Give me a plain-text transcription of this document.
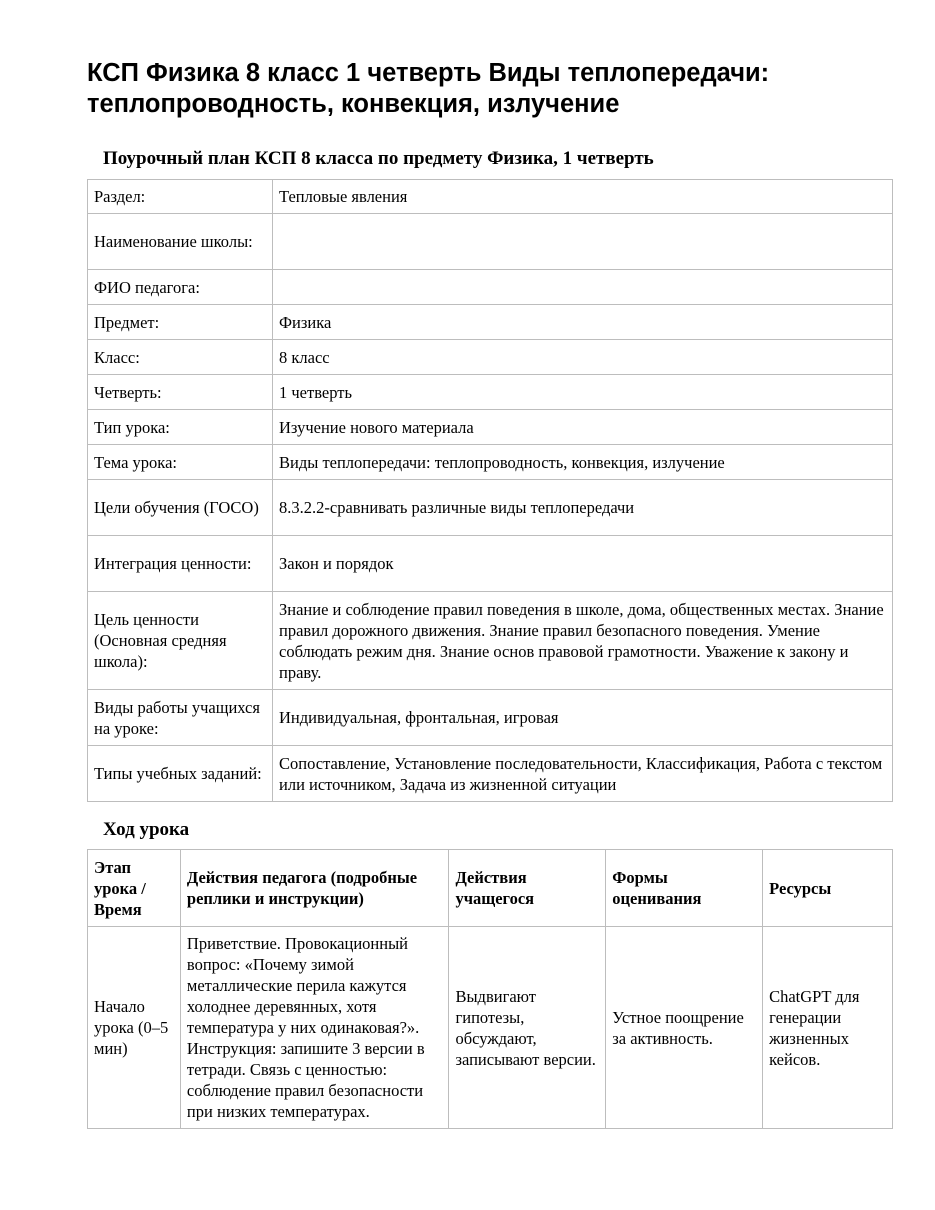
КСП Физика 8 класс 1 четверть Виды теплопередачи: теплопроводность, конвекция, излучение
Поурочный план КСП 8 класса по предмету Физика, 1 четверть
Раздел:	Тепловые явления
Наименование школы:	
ФИО педагога:	
Предмет:	Физика
Класс:	8 класс
Четверть:	1 четверть
Тип урока:	Изучение нового материала
Тема урока:	Виды теплопередачи: теплопроводность, конвекция, излучение
Цели обучения (ГОСО)	8.3.2.2-сравнивать различные виды теплопередачи
Интеграция ценности:	Закон и порядок
Цель ценности (Основная средняя школа):	Знание и соблюдение правил поведения в школе, дома, общественных местах. Знание правил дорожного движения. Знание правил безопасного поведения. Умение соблюдать режим дня. Знание основ правовой грамотности. Уважение к закону и праву.
Виды работы учащихся на уроке:	Индивидуальная, фронтальная, игровая
Типы учебных заданий:	Сопоставление, Установление последовательности, Классификация, Работа с текстом или источником, Задача из жизненной ситуации
Ход урока
Этап урока / Время	Действия педагога (подробные реплики и инструкции)	Действия учащегося	Формы оценивания	Ресурсы
Начало урока (0–5 мин)	Приветствие. Провокационный вопрос: «Почему зимой металлические перила кажутся холоднее деревянных, хотя температура у них одинаковая?». Инструкция: запишите 3 версии в тетради. Связь с ценностью: соблюдение правил безопасности при низких температурах.	Выдвигают гипотезы, обсуждают, записывают версии.	Устное поощрение за активность.	ChatGPT для генерации жизненных кейсов.
